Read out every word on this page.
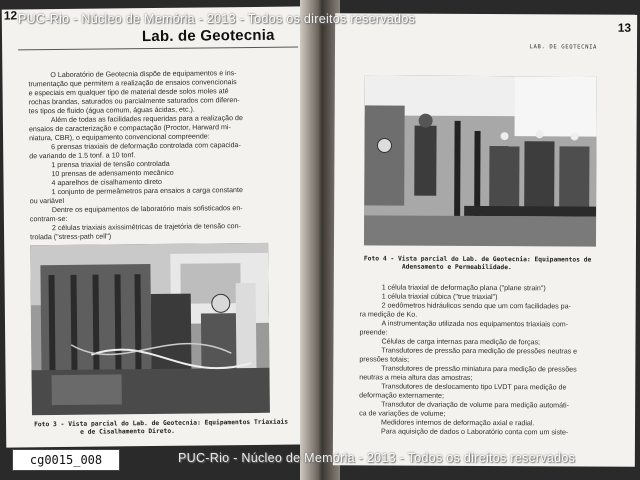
12
Lab. de Geotecnia

O Laboratório de Geotecnia dispõe de equipamentos e ins-

trumentação que permitem a realização de ensaios convencionais

e especiais em qualquer tipo de material desde solos moles até

rochas brandas, saturados ou parcialmente saturados com diferen-

tes tipos de fluido (água comum, águas ácidas, etc.).

Além de todas as facilidades requeridas para a realização de

ensaios de caracterização e compactação (Proctor, Harward mi-

niatura, CBR), o equipamento convencional compreende:

6 prensas triaxiais de deformação controlada com capacida-

de variando de 1.5 tonf. a 10 tonf.

1 prensa triaxial de tensão controlada

10 prensas de adensamento mecânico

4 aparelhos de cisalhamento direto

1 conjunto de permeâmetros para ensaios a carga constante

ou variável

Dentre os equipamentos de laboratório mais sofisticados en-

contram-se:

2 células triaxiais axissimétricas de trajetória de tensão con-

trolada ("stress-path cell")

Foto 3 - Vista parcial do Lab. de Geotecnia: Equipamentos Triaxiais
e de Cisalhamento Direto.
13
LAB. DE GEOTECNIA
Foto 4 - Vista parcial do Lab. de Geotecnia: Equipamentos de
Adensamento e Permeabilidade.

1 célula triaxial de deformação plana ("plane strain")

1 célula triaxial cúbica ("true triaxial")

2 oedômetros hidráulicos sendo que um com facilidades pa-

ra medição de Ko.

A instrumentação utilizada nos equipamentos triaxiais com-

preende:

Células de carga internas para medição de forças;

Transdutores de pressão para medição de pressões neutras e

pressões totais;

Transdutores de pressão miniatura para medição de pressões

neutras a meia altura das amostras;

Transdutores de deslocamento tipo LVDT para medição de

deformação externamente;

Transdutor de dvariação de volume para medição automáti-

ca de variações de volume;

Medidores internos de deformação axial e radial.

Para aquisição de dados o Laboratório conta com um siste-

PUC-Rio - Núcleo de Memória - 2013 - Todos os direitos reservados
PUC-Rio - Núcleo de Memória - 2013 - Todos os direitos reservados
cg0015_008
